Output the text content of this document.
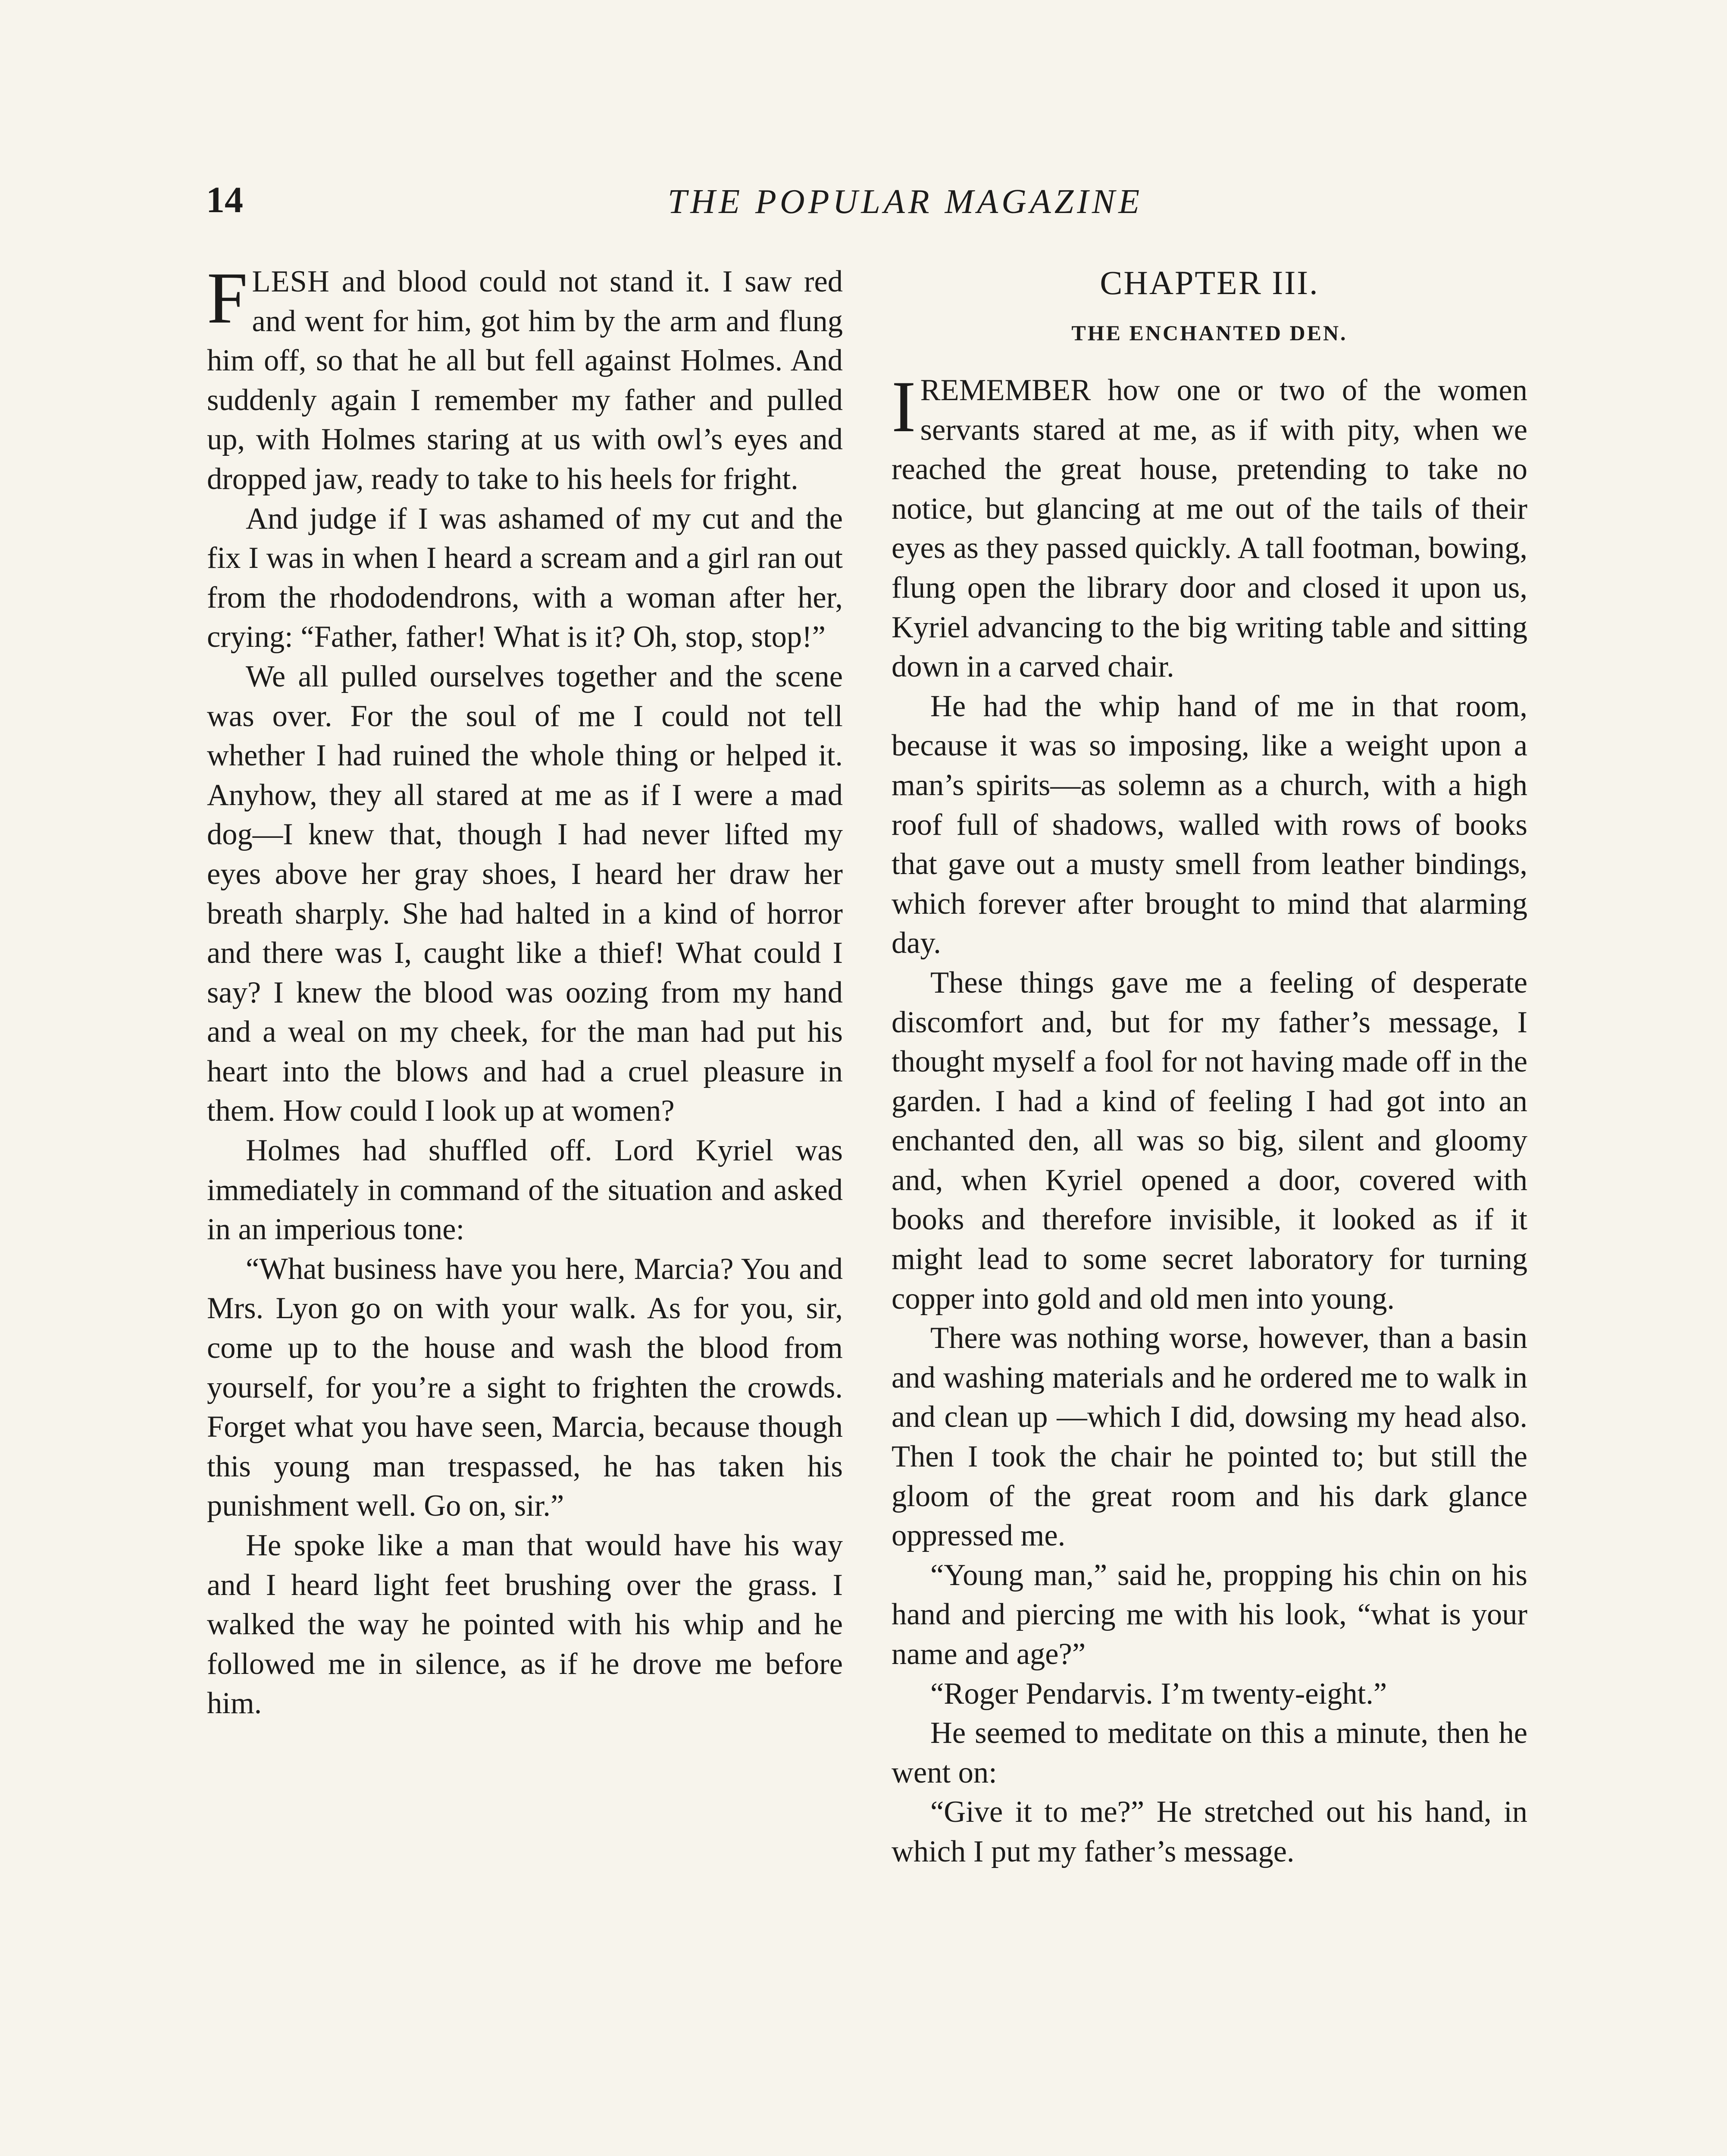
14	THE POPULAR MAGAZINE

FLESH and blood could not stand it. I saw red and went for him, got him by the arm and flung him off, so that he all but fell against Holmes. And suddenly again I remember my father and pulled up, with Holmes staring at us with owl’s eyes and dropped jaw, ready to take to his heels for fright.

And judge if I was ashamed of my cut and the fix I was in when I heard a scream and a girl ran out from the rhododendrons, with a woman after her, crying: “Father, father! What is it? Oh, stop, stop!”

We all pulled ourselves together and the scene was over. For the soul of me I could not tell whether I had ruined the whole thing or helped it. Anyhow, they all stared at me as if I were a mad dog—I knew that, though I had never lifted my eyes above her gray shoes, I heard her draw her breath sharply. She had halted in a kind of horror and there was I, caught like a thief! What could I say? I knew the blood was oozing from my hand and a weal on my cheek, for the man had put his heart into the blows and had a cruel pleasure in them. How could I look up at women?

Holmes had shuffled off. Lord Kyriel was immediately in command of the situation and asked in an imperious tone:

“What business have you here, Marcia? You and Mrs. Lyon go on with your walk. As for you, sir, come up to the house and wash the blood from yourself, for you’re a sight to frighten the crowds. Forget what you have seen, Marcia, because though this young man trespassed, he has taken his punishment well. Go on, sir.”

He spoke like a man that would have his way and I heard light feet brushing over the grass. I walked the way he pointed with his whip and he followed me in silence, as if he drove me before him.

CHAPTER III.
THE ENCHANTED DEN.

I REMEMBER how one or two of the women servants stared at me, as if with pity, when we reached the great house, pretending to take no notice, but glancing at me out of the tails of their eyes as they passed quickly. A tall footman, bowing, flung open the library door and closed it upon us, Kyriel advancing to the big writing table and sitting down in a carved chair.

He had the whip hand of me in that room, because it was so imposing, like a weight upon a man’s spirits—as solemn as a church, with a high roof full of shadows, walled with rows of books that gave out a musty smell from leather bindings, which forever after brought to mind that alarming day.

These things gave me a feeling of desperate discomfort and, but for my father’s message, I thought myself a fool for not having made off in the garden. I had a kind of feeling I had got into an enchanted den, all was so big, silent and gloomy and, when Kyriel opened a door, covered with books and therefore invisible, it looked as if it might lead to some secret laboratory for turning copper into gold and old men into young.

There was nothing worse, however, than a basin and washing materials and he ordered me to walk in and clean up —which I did, dowsing my head also. Then I took the chair he pointed to; but still the gloom of the great room and his dark glance oppressed me.

“Young man,” said he, propping his chin on his hand and piercing me with his look, “what is your name and age?”

“Roger Pendarvis. I’m twenty-eight.”

He seemed to meditate on this a minute, then he went on:

“Give it to me?” He stretched out his hand, in which I put my father’s message.
